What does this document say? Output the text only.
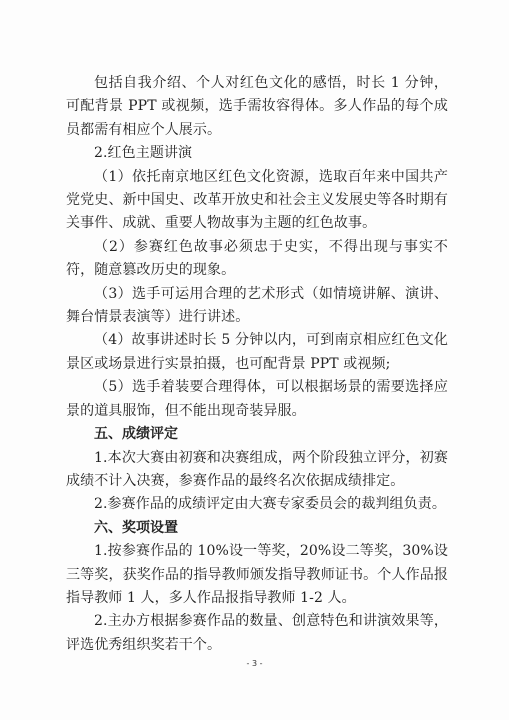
包括自我介绍、个人对红色文化的感悟，时长 1 分钟，可配背景 PPT 或视频，选手需妆容得体。多人作品的每个成员都需有相应个人展示。

2.红色主题讲演

（1）依托南京地区红色文化资源，选取百年来中国共产党党史、新中国史、改革开放史和社会主义发展史等各时期有关事件、成就、重要人物故事为主题的红色故事。

（2）参赛红色故事必须忠于史实，不得出现与事实不符，随意篡改历史的现象。

（3）选手可运用合理的艺术形式（如情境讲解、演讲、舞台情景表演等）进行讲述。

（4）故事讲述时长 5 分钟以内，可到南京相应红色文化景区或场景进行实景拍摄，也可配背景 PPT 或视频;

（5）选手着装要合理得体，可以根据场景的需要选择应景的道具服饰，但不能出现奇装异服。

五、成绩评定

1.本次大赛由初赛和决赛组成，两个阶段独立评分，初赛成绩不计入决赛，参赛作品的最终名次依据成绩排定。

2.参赛作品的成绩评定由大赛专家委员会的裁判组负责。

六、奖项设置

1.按参赛作品的 10%设一等奖，20%设二等奖，30%设三等奖，获奖作品的指导教师颁发指导教师证书。个人作品报指导教师 1 人，多人作品报指导教师 1-2 人。

2.主办方根据参赛作品的数量、创意特色和讲演效果等，评选优秀组织奖若干个。

- 3 -
